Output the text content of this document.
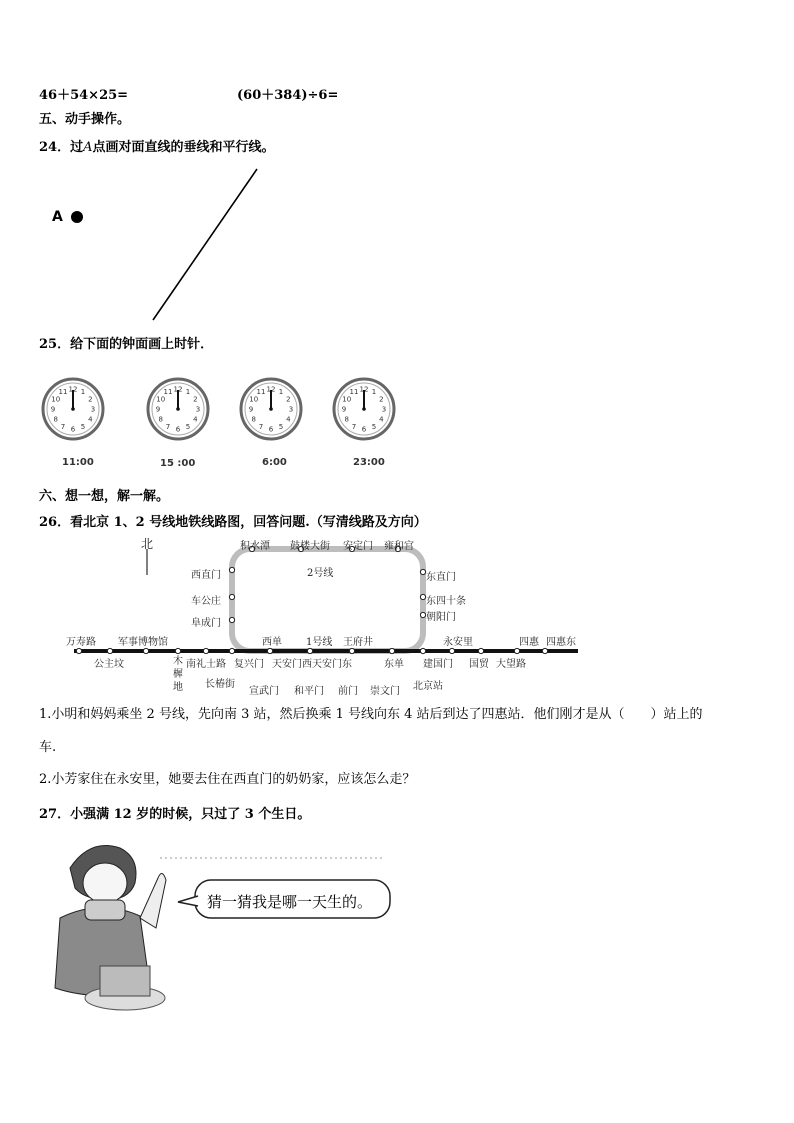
46＋54×25=	(60＋384)÷6=
五、动手操作。
24．过A点画对面直线的垂线和平行线。
A
25．给下面的钟面画上时针．
1
2
3
4
5
6
7
8
9
10
11 12	1
2
3
4
5
6
7
8
9
10
11 12	1
2
3
4
5
6
7
8
9
10
11 12	1
2
3
4
5
6
7
8
9
10
11 12
11:00	15 :00	6:00	23:00
六、想一想，解一解。
26．看北京 1、2 号线地铁线路图，回答问题.（写清线路及方向）
北
2号线
1号线
积水潭 鼓楼大街 安定门 雍和宫
西直门
车公庄
阜成门
东直门
东四十条
朝阳门
宣武门 和平门 前门 崇文门 北京站
万寿路 军事博物馆	西单	王府井	永安里	四惠 四惠东
公主坟	木樨地
南礼士路
长椿街
复兴门 天安门西 天安门东	东单 建国门 国贸 大望路
1.小明和妈妈乘坐 2 号线，先向南 3 站，然后换乘 1 号线向东 4 站后到达了四惠站．他们刚才是从（　　）站上的
车.
2.小芳家住在永安里，她要去住在西直门的奶奶家，应该怎么走？
27．小强满 12 岁的时候，只过了 3 个生日。
猜一猜我是哪一天生的。
